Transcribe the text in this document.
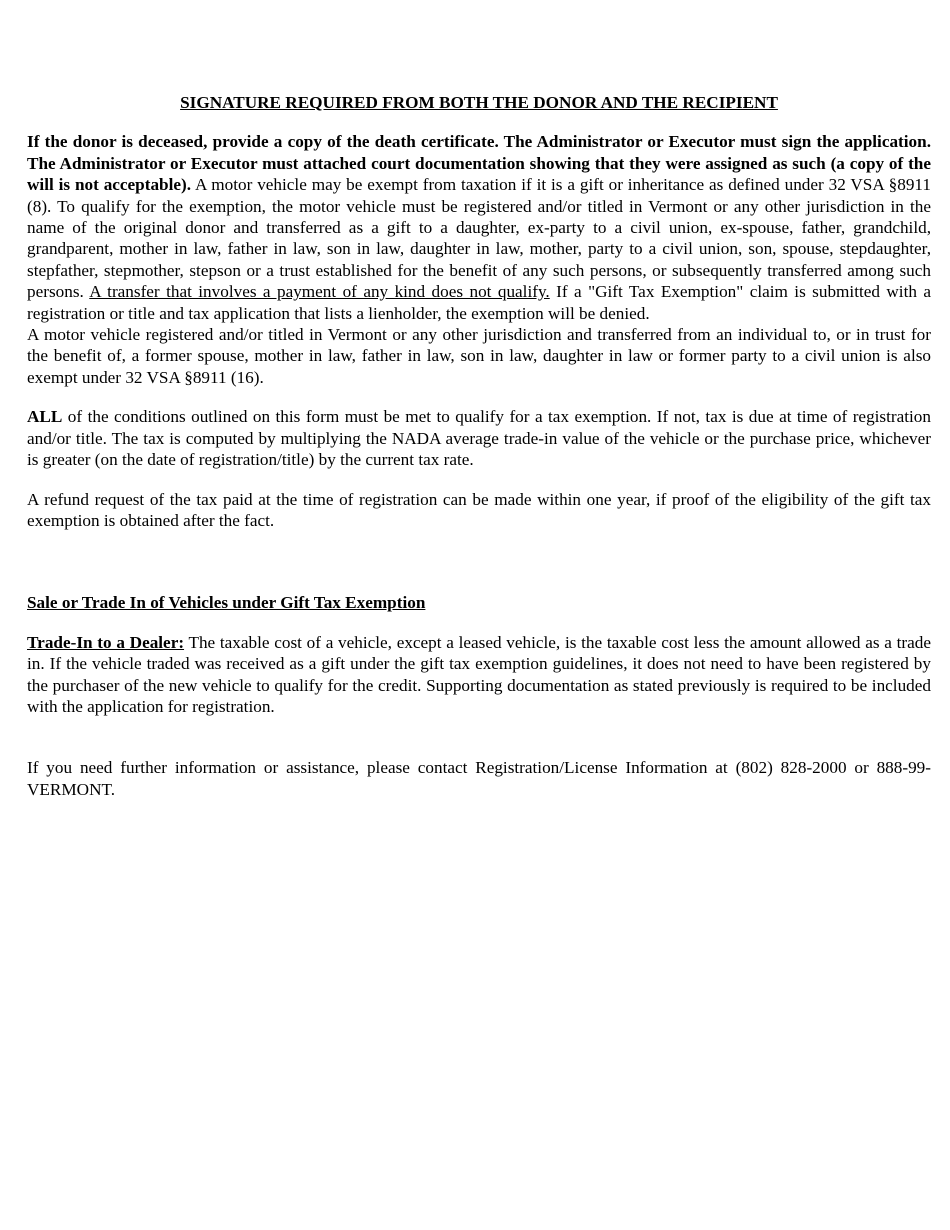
SIGNATURE REQUIRED FROM BOTH THE DONOR AND THE RECIPIENT

If the donor is deceased, provide a copy of the death certificate. The Administrator or Executor must sign the application. The Administrator or Executor must attached court documentation showing that they were assigned as such (a copy of the will is not acceptable). A motor vehicle may be exempt from taxation if it is a gift or inheritance as defined under 32 VSA §8911 (8). To qualify for the exemption, the motor vehicle must be registered and/or titled in Vermont or any other jurisdiction in the name of the original donor and transferred as a gift to a daughter, ex-party to a civil union, ex-spouse, father, grandchild, grandparent, mother in law, father in law, son in law, daughter in law, mother, party to a civil union, son, spouse, stepdaughter, stepfather, stepmother, stepson or a trust established for the benefit of any such persons, or subsequently transferred among such persons. A transfer that involves a payment of any kind does not qualify. If a "Gift Tax Exemption" claim is submitted with a registration or title and tax application that lists a lienholder, the exemption will be denied.

A motor vehicle registered and/or titled in Vermont or any other jurisdiction and transferred from an individual to, or in trust for the benefit of, a former spouse, mother in law, father in law, son in law, daughter in law or former party to a civil union is also exempt under 32 VSA §8911 (16).

ALL of the conditions outlined on this form must be met to qualify for a tax exemption. If not, tax is due at time of registration and/or title. The tax is computed by multiplying the NADA average trade-in value of the vehicle or the purchase price, whichever is greater (on the date of registration/title) by the current tax rate.

A refund request of the tax paid at the time of registration can be made within one year, if proof of the eligibility of the gift tax exemption is obtained after the fact.

Sale or Trade In of Vehicles under Gift Tax Exemption

Trade-In to a Dealer: The taxable cost of a vehicle, except a leased vehicle, is the taxable cost less the amount allowed as a trade in. If the vehicle traded was received as a gift under the gift tax exemption guidelines, it does not need to have been registered by the purchaser of the new vehicle to qualify for the credit. Supporting documentation as stated previously is required to be included with the application for registration.

If you need further information or assistance, please contact Registration/License Information at (802) 828-2000 or 888-99-VERMONT.
